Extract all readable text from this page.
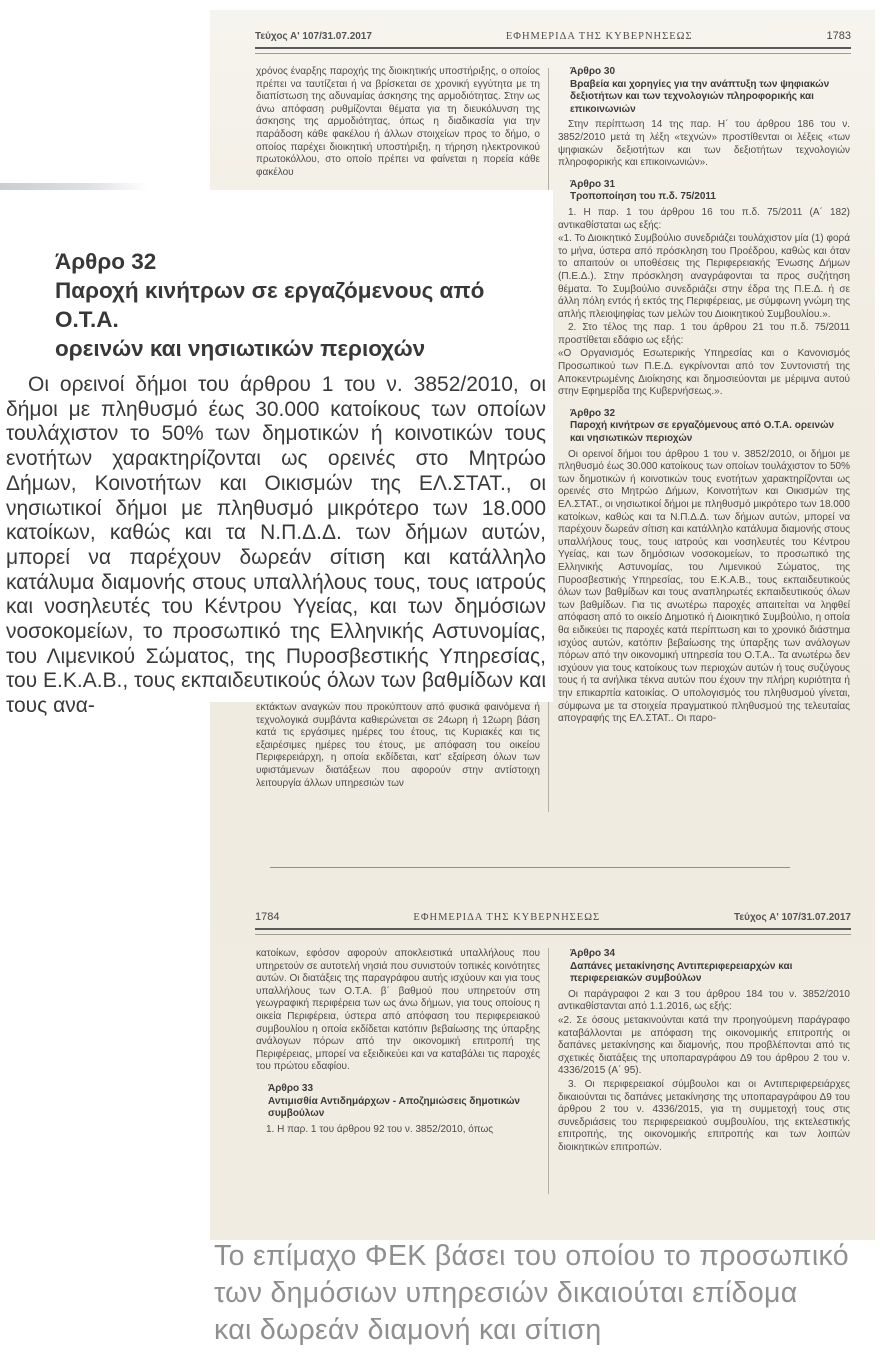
Τεύχος Α' 107/31.07.2017	ΕΦΗΜΕΡΙΔΑ ΤΗΣ ΚΥΒΕΡΝΗΣΕΩΣ	1783

χρόνος έναρξης παροχής της διοικητικής υποστήριξης, ο οποίος πρέπει να ταυτίζεται ή να βρίσκεται σε χρονική εγγύτητα με τη διαπίστωση της αδυναμίας άσκησης της αρμοδιότητας. Στην ως άνω απόφαση ρυθμίζονται θέματα για τη διευκόλυνση της άσκησης της αρμοδιότητας, όπως η διαδικασία για την παράδοση κάθε φακέλου ή άλλων στοιχείων προς το δήμο, ο οποίος παρέχει διοικητική υποστήριξη, η τήρηση ηλεκτρονικού πρωτοκόλλου, στο οποίο πρέπει να φαίνεται η πορεία κάθε φακέλου

Άρθρο 30
Βραβεία και χορηγίες για την ανάπτυξη των ψηφιακών δεξιοτήτων και των τεχνολογιών πληροφορικής και επικοινωνιών

Στην περίπτωση 14 της παρ. Η΄ του άρθρου 186 του ν. 3852/2010 μετά τη λέξη «τεχνών» προστίθενται οι λέξεις «των ψηφιακών δεξιοτήτων και των δεξιοτήτων τεχνολογιών πληροφορικής και επικοινωνιών».

Άρθρο 31
Τροποποίηση του π.δ. 75/2011

1. Η παρ. 1 του άρθρου 16 του π.δ. 75/2011 (Α΄ 182) αντικαθίσταται ως εξής:

«1. Το Διοικητικό Συμβούλιο συνεδριάζει τουλάχιστον μία (1) φορά το μήνα, ύστερα από πρόσκληση του Προέδρου, καθώς και όταν το απαιτούν οι υποθέσεις της Περιφερειακής Ένωσης Δήμων (Π.Ε.Δ.). Στην πρόσκληση αναγράφονται τα προς συζήτηση θέματα. Το Συμβούλιο συνεδριάζει στην έδρα της Π.Ε.Δ. ή σε άλλη πόλη εντός ή εκτός της Περιφέρειας, με σύμφωνη γνώμη της απλής πλειοψηφίας των μελών του Διοικητικού Συμβουλίου.».

2. Στο τέλος της παρ. 1 του άρθρου 21 του π.δ. 75/2011 προστίθεται εδάφιο ως εξής:

«Ο Οργανισμός Εσωτερικής Υπηρεσίας και ο Κανονισμός Προσωπικού των Π.Ε.Δ. εγκρίνονται από τον Συντονιστή της Αποκεντρωμένης Διοίκησης και δημοσιεύονται με μέριμνα αυτού στην Εφημερίδα της Κυβερνήσεως.».

Άρθρο 32
Παροχή κινήτρων σε εργαζόμενους από Ο.Τ.Α. ορεινών και νησιωτικών περιοχών

Οι ορεινοί δήμοι του άρθρου 1 του ν. 3852/2010, οι δήμοι με πληθυσμό έως 30.000 κατοίκους των οποίων τουλάχιστον το 50% των δημοτικών ή κοινοτικών τους ενοτήτων χαρακτηρίζονται ως ορεινές στο Μητρώο Δήμων, Κοινοτήτων και Οικισμών της ΕΛ.ΣΤΑΤ., οι νησιωτικοί δήμοι με πληθυσμό μικρότερο των 18.000 κατοίκων, καθώς και τα Ν.Π.Δ.Δ. των δήμων αυτών, μπορεί να παρέχουν δωρεάν σίτιση και κατάλληλο κατάλυμα διαμονής στους υπαλλήλους τους, τους ιατρούς και νοσηλευτές του Κέντρου Υγείας, και των δημόσιων νοσοκομείων, το προσωπικό της Ελληνικής Αστυνομίας, του Λιμενικού Σώματος, της Πυροσβεστικής Υπηρεσίας, του Ε.Κ.Α.Β., τους εκπαιδευτικούς όλων των βαθμίδων και τους αναπληρωτές εκπαιδευτικούς όλων των βαθμίδων. Για τις ανωτέρω παροχές απαιτείται να ληφθεί απόφαση από το οικείο Δημοτικό ή Διοικητικό Συμβούλιο, η οποία θα ειδικεύει τις παροχές κατά περίπτωση και το χρονικό διάστημα ισχύος αυτών, κατόπιν βεβαίωσης της ύπαρξης των ανάλογων πόρων από την οικονομική υπηρεσία του Ο.Τ.Α.. Τα ανωτέρω δεν ισχύουν για τους κατοίκους των περιοχών αυτών ή τους συζύγους τους ή τα ανήλικα τέκνα αυτών που έχουν την πλήρη κυριότητα ή την επικαρπία κατοικίας. Ο υπολογισμός του πληθυσμού γίνεται, σύμφωνα με τα στοιχεία πραγματικού πληθυσμού της τελευταίας απογραφής της ΕΛ.ΣΤΑΤ.. Οι παρο-

εκτάκτων αναγκών που προκύπτουν από φυσικά φαινόμενα ή τεχνολογικά συμβάντα καθιερώνεται σε 24ωρη ή 12ωρη βάση κατά τις εργάσιμες ημέρες του έτους, τις Κυριακές και τις εξαιρέσιμες ημέρες του έτους, με απόφαση του οικείου Περιφερειάρχη, η οποία εκδίδεται, κατ' εξαίρεση όλων των υφιστάμενων διατάξεων που αφορούν στην αντίστοιχη λειτουργία άλλων υπηρεσιών των

1784	ΕΦΗΜΕΡΙΔΑ ΤΗΣ ΚΥΒΕΡΝΗΣΕΩΣ	Τεύχος Α' 107/31.07.2017

κατοίκων, εφόσον αφορούν αποκλειστικά υπαλλήλους που υπηρετούν σε αυτοτελή νησιά που συνιστούν τοπικές κοινότητες αυτών. Οι διατάξεις της παραγράφου αυτής ισχύουν και για τους υπαλλήλους των Ο.Τ.Α. β΄ βαθμού που υπηρετούν στη γεωγραφική περιφέρεια των ως άνω δήμων, για τους οποίους η οικεία Περιφέρεια, ύστερα από απόφαση του περιφερειακού συμβουλίου η οποία εκδίδεται κατόπιν βεβαίωσης της ύπαρξης ανάλογων πόρων από την οικονομική επιτροπή της Περιφέρειας, μπορεί να εξειδικεύει και να καταβάλει τις παροχές του πρώτου εδαφίου.

Άρθρο 33
Αντιμισθία Αντιδημάρχων - Αποζημιώσεις δημοτικών συμβούλων

1. Η παρ. 1 του άρθρου 92 του ν. 3852/2010, όπως

Άρθρο 34
Δαπάνες μετακίνησης Αντιπεριφερειαρχών και περιφερειακών συμβούλων

Οι παράγραφοι 2 και 3 του άρθρου 184 του ν. 3852/2010 αντικαθίστανται από 1.1.2016, ως εξής:

«2. Σε όσους μετακινούνται κατά την προηγούμενη παράγραφο καταβάλλονται με απόφαση της οικονομικής επιτροπής οι δαπάνες μετακίνησης και διαμονής, που προβλέπονται από τις σχετικές διατάξεις της υποπαραγράφου Δ9 του άρθρου 2 του ν. 4336/2015 (Α΄ 95).

3. Οι περιφερειακοί σύμβουλοι και οι Αντιπεριφερειάρχες δικαιούνται τις δαπάνες μετακίνησης της υποπαραγράφου Δ9 του άρθρου 2 του ν. 4336/2015, για τη συμμετοχή τους στις συνεδριάσεις του περιφερειακού συμβουλίου, της εκτελεστικής επιτροπής, της οικονομικής επιτροπής και των λοιπών διοικητικών επιτροπών.

Άρθρο 32
Παροχή κινήτρων σε εργαζόμενους από Ο.Τ.Α.
ορεινών και νησιωτικών περιοχών

Οι ορεινοί δήμοι του άρθρου 1 του ν. 3852/2010, οι δήμοι με πληθυσμό έως 30.000 κατοίκους των οποίων τουλάχιστον το 50% των δημοτικών ή κοινοτικών τους ενοτήτων χαρακτηρίζονται ως ορεινές στο Μητρώο Δήμων, Κοινοτήτων και Οικισμών της ΕΛ.ΣΤΑΤ., οι νησιωτικοί δήμοι με πληθυσμό μικρότερο των 18.000 κατοίκων, καθώς και τα Ν.Π.Δ.Δ. των δήμων αυτών, μπορεί να παρέχουν δωρεάν σίτιση και κατάλληλο κατάλυμα διαμονής στους υπαλλήλους τους, τους ιατρούς και νοσηλευτές του Κέντρου Υγείας, και των δημόσιων νοσοκομείων, το προσωπικό της Ελληνικής Αστυνομίας, του Λιμενικού Σώματος, της Πυροσβεστικής Υπηρεσίας, του Ε.Κ.Α.Β., τους εκπαιδευτικούς όλων των βαθμίδων και τους ανα-

Το επίμαχο ΦΕΚ βάσει του οποίου το προσωπικό
των δημόσιων υπηρεσιών δικαιούται επίδομα
και δωρεάν διαμονή και σίτιση
